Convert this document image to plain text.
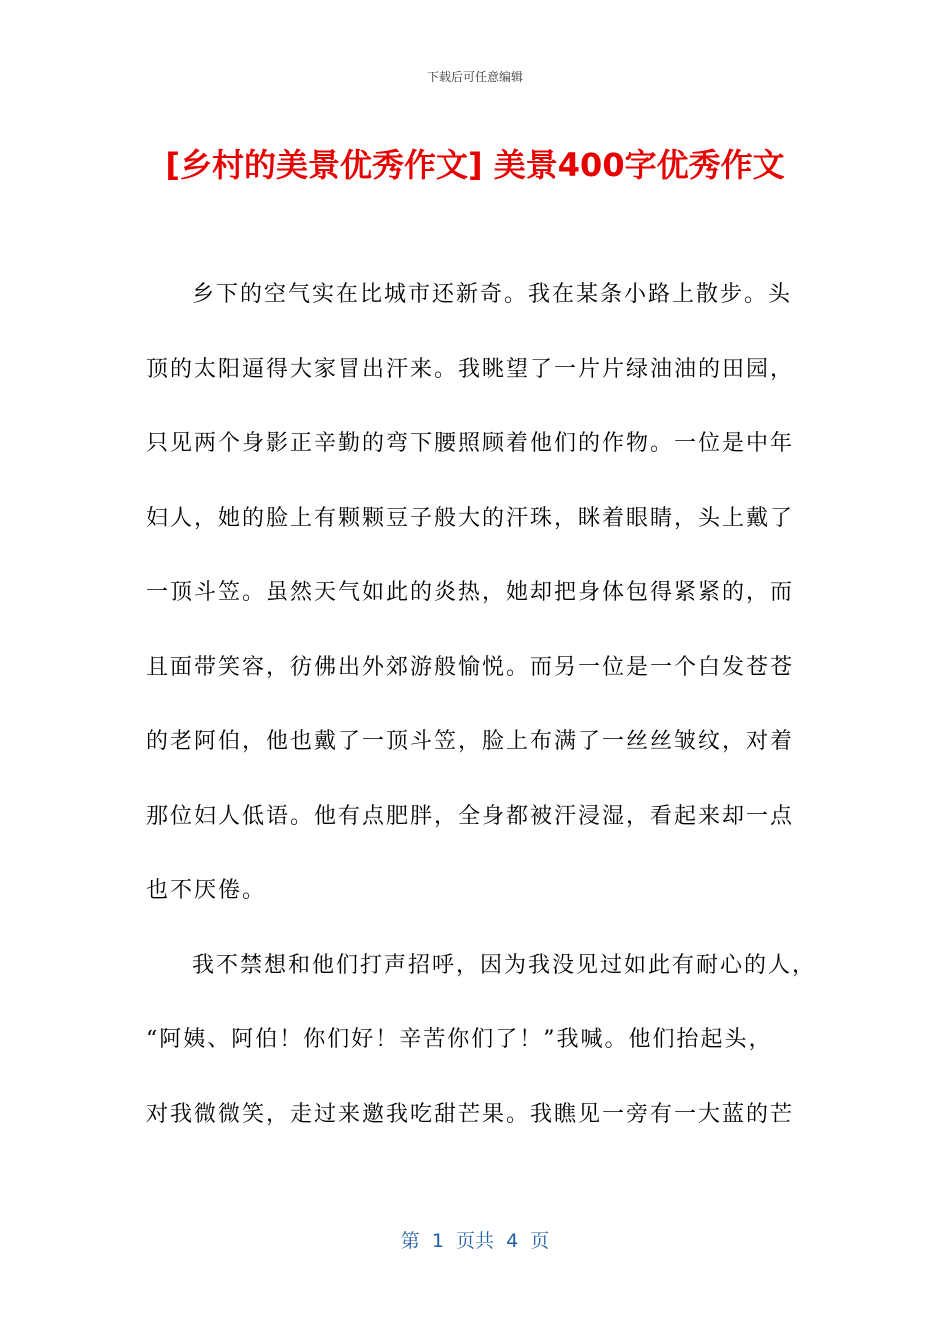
下载后可任意编辑
[乡村的美景优秀作文] 美景400字优秀作文
乡下的空气实在比城市还新奇。我在某条小路上散步。头
顶的太阳逼得大家冒出汗来。我眺望了一片片绿油油的田园，
只见两个身影正辛勤的弯下腰照顾着他们的作物。一位是中年
妇人，她的脸上有颗颗豆子般大的汗珠，眯着眼睛，头上戴了
一顶斗笠。虽然天气如此的炎热，她却把身体包得紧紧的，而
且面带笑容，彷佛出外郊游般愉悦。而另一位是一个白发苍苍
的老阿伯，他也戴了一顶斗笠，脸上布满了一丝丝皱纹，对着
那位妇人低语。他有点肥胖，全身都被汗浸湿，看起来却一点
也不厌倦。
我不禁想和他们打声招呼，因为我没见过如此有耐心的人，
“阿姨、阿伯！你们好！辛苦你们了！”我喊。他们抬起头，
对我微微笑，走过来邀我吃甜芒果。我瞧见一旁有一大蓝的芒
第  1  页共  4  页
